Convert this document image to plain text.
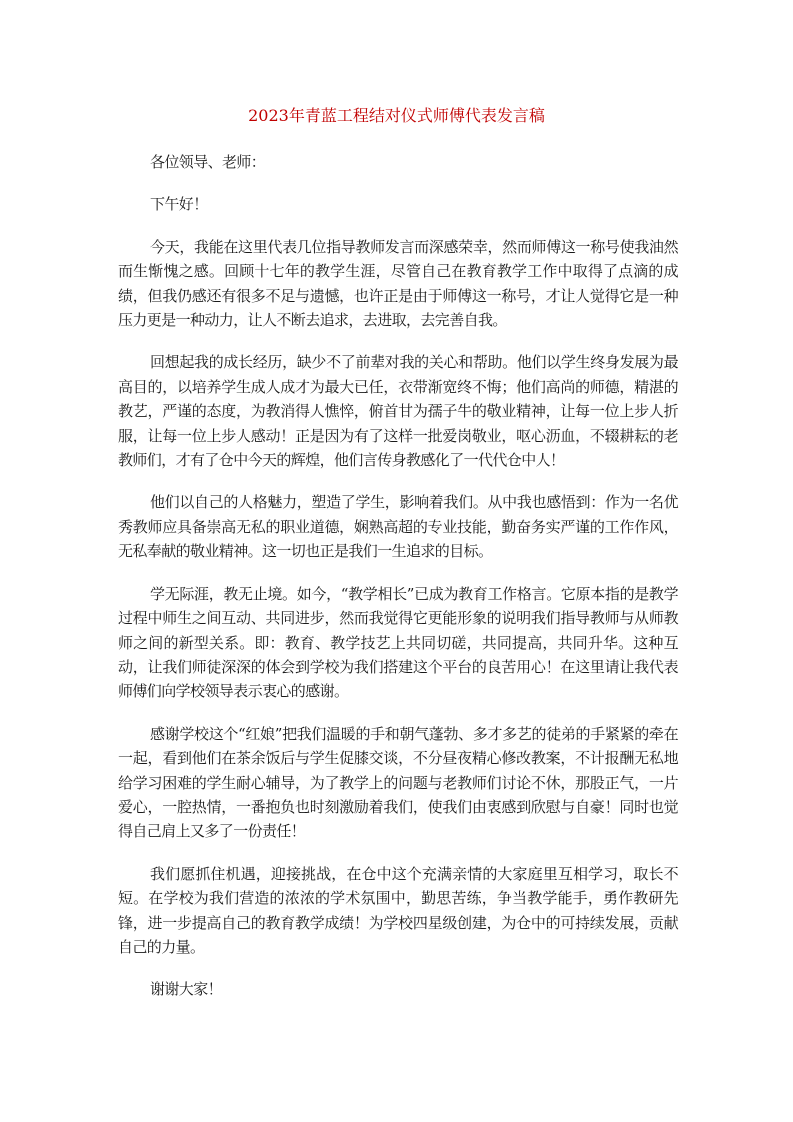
2023年青蓝工程结对仪式师傅代表发言稿

各位领导、老师：

下午好！

今天，我能在这里代表几位指导教师发言而深感荣幸，然而师傅这一称号使我油然而生惭愧之感。回顾十七年的教学生涯，尽管自己在教育教学工作中取得了点滴的成绩，但我仍感还有很多不足与遗憾，也许正是由于师傅这一称号，才让人觉得它是一种压力更是一种动力，让人不断去追求，去进取，去完善自我。

回想起我的成长经历，缺少不了前辈对我的关心和帮助。他们以学生终身发展为最高目的，以培养学生成人成才为最大已任，衣带渐宽终不悔；他们高尚的师德，精湛的教艺，严谨的态度，为教消得人憔悴，俯首甘为孺子牛的敬业精神，让每一位上步人折服，让每一位上步人感动！正是因为有了这样一批爱岗敬业，呕心沥血，不辍耕耘的老教师们，才有了仓中今天的辉煌，他们言传身教感化了一代代仓中人！

他们以自己的人格魅力，塑造了学生，影响着我们。从中我也感悟到：作为一名优秀教师应具备崇高无私的职业道德，娴熟高超的专业技能，勤奋务实严谨的工作作风，无私奉献的敬业精神。这一切也正是我们一生追求的目标。

学无际涯，教无止境。如今，“教学相长”已成为教育工作格言。它原本指的是教学过程中师生之间互动、共同进步，然而我觉得它更能形象的说明我们指导教师与从师教师之间的新型关系。即：教育、教学技艺上共同切磋，共同提高，共同升华。这种互动，让我们师徒深深的体会到学校为我们搭建这个平台的良苦用心！在这里请让我代表师傅们向学校领导表示衷心的感谢。

感谢学校这个“红娘”把我们温暖的手和朝气蓬勃、多才多艺的徒弟的手紧紧的牵在一起，看到他们在茶余饭后与学生促膝交谈，不分昼夜精心修改教案，不计报酬无私地给学习困难的学生耐心辅导，为了教学上的问题与老教师们讨论不休，那股正气，一片爱心，一腔热情，一番抱负也时刻激励着我们，使我们由衷感到欣慰与自豪！同时也觉得自己肩上又多了一份责任！

我们愿抓住机遇，迎接挑战，在仓中这个充满亲情的大家庭里互相学习，取长不短。在学校为我们营造的浓浓的学术氛围中，勤思苦练，争当教学能手，勇作教研先锋，进一步提高自己的教育教学成绩！为学校四星级创建，为仓中的可持续发展，贡献自己的力量。

谢谢大家！
